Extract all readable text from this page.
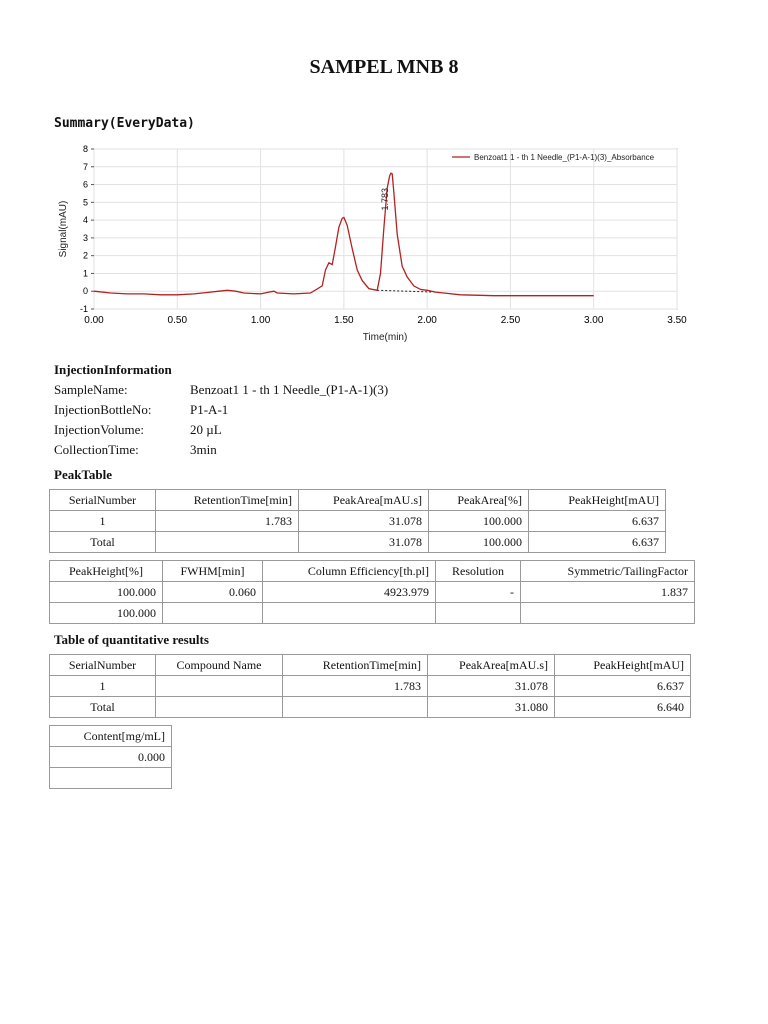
SAMPEL MNB 8
Summary(EveryData)
0.00	0.50	1.00	1.50	2.00	2.50	3.00	3.50
-1
0
1
2
3
4
5
6
7
8
1.783
Benzoat1 1 - th 1 Needle_(P1-A-1)(3)_Absorbance
Time(min)
Signal(mAU)
InjectionInformation
SampleName:	Benzoat1 1 - th 1 Needle_(P1-A-1)(3)
InjectionBottleNo:	P1-A-1
InjectionVolume:	20 µL
CollectionTime:	3min
PeakTable
SerialNumber	RetentionTime[min]	PeakArea[mAU.s]	PeakArea[%]	PeakHeight[mAU]
1	1.783	31.078	100.000	6.637
Total		31.078	100.000	6.637
PeakHeight[%]	FWHM[min]	Column Efficiency[th.pl]	Resolution	Symmetric/TailingFactor
100.000	0.060	4923.979	-	1.837
100.000				
Table of quantitative results
SerialNumber	Compound Name	RetentionTime[min]	PeakArea[mAU.s]	PeakHeight[mAU]
1		1.783	31.078	6.637
Total			31.080	6.640
Content[mg/mL]
0.000
